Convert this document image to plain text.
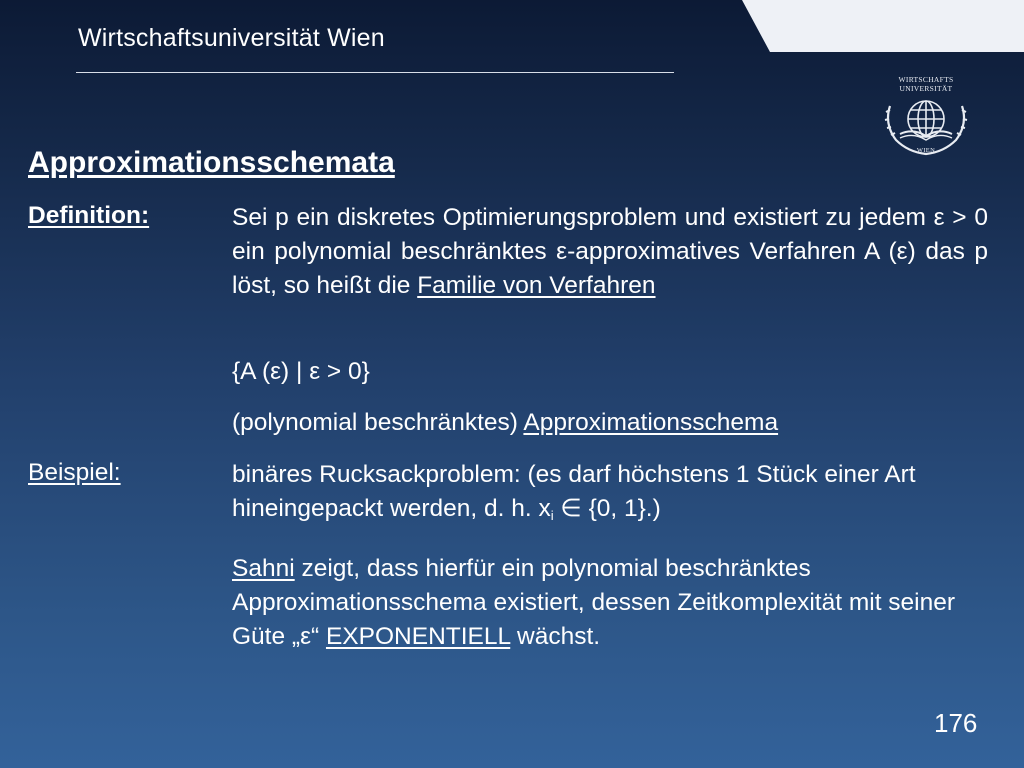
Wirtschaftsuniversität Wien
WIRTSCHAFTS
UNIVERSITÄT
WIEN
Approximationsschemata
Definition:	Sei p ein diskretes Optimierungsproblem und existiert zu jedem ε > 0 ein polynomial beschränktes ε-approximatives Verfahren A (ε) das p löst, so heißt die Familie von Verfahren
{A (ε) | ε > 0}
(polynomial beschränktes) Approximationsschema
Beispiel:	binäres Rucksackproblem: (es darf höchstens 1 Stück einer Art hineingepackt werden, d. h. $x_i$ ∈ {0, 1}.)
Sahni zeigt, dass hierfür ein polynomial beschränktes Approximationsschema existiert, dessen Zeitkomplexität mit seiner Güte „ε“ EXPONENTIELL wächst.
176
